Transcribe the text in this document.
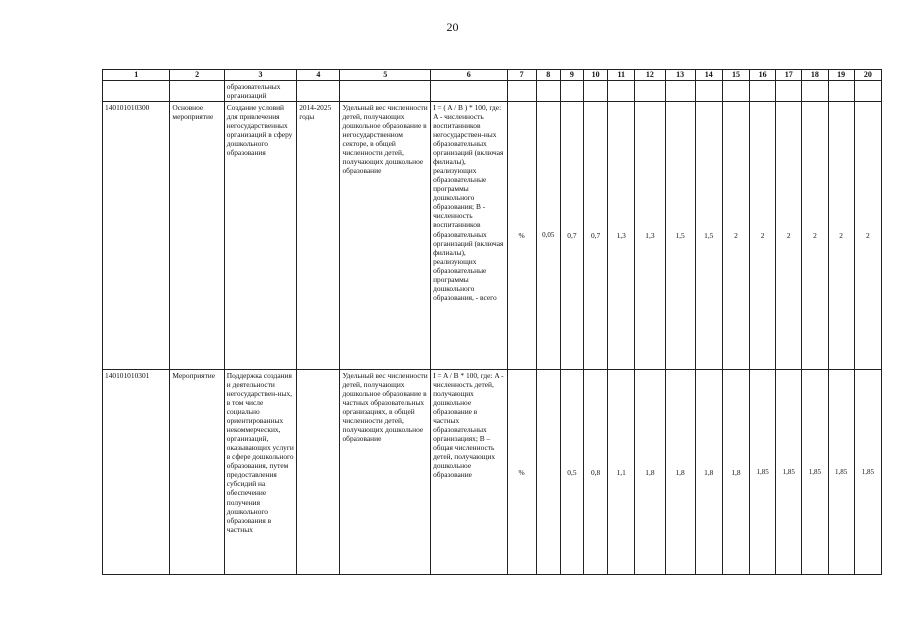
20
1	2	3	4	5	6	7	8	9	10	11	12	13	14	15	16	17	18	19	20
		образовательных организаций																	
140101010300	Основное мероприятие	Создание условий для привлечения негосударственных организаций в сферу дошкольного образования	2014-2025 годы	Удельный вес численности детей, получающих дошкольное образование в негосударственном секторе, в общей численности детей, получающих дошкольное образование	I = ( A / B ) * 100, где: A - численность воспитанников негосударствен-ных образовательных организаций (включая филиалы), реализующих образовательные программы дошкольного образования; B - численность воспитанников образовательных организаций (включая филиалы), реализующих образовательные программы дошкольного образования, - всего	%	0,05	0,7	0,7	1,3	1,3	1,5	1,5	2	2	2	2	2	2
140101010301	Мероприятие	Поддержка создания и деятельности негосударствен-ных, в том числе социально ориентированных некоммерческих, организаций, оказывающих услуги в сфере дошкольного образования, путем предоставления субсидий на обеспечение получения дошкольного образования в частных		Удельный вес численности детей, получающих дошкольное образование в частных образовательных организациях, в общей численности детей, получающих дошкольное образование	I = A / B * 100, где: A - численность детей, получающих дошкольное образование в частных образовательных организациях; B – общая численность детей, получающих дошкольное образование	%		0,5	0,8	1,1	1,8	1,8	1,8	1,8	1,85	1,85	1,85	1,85	1,85
